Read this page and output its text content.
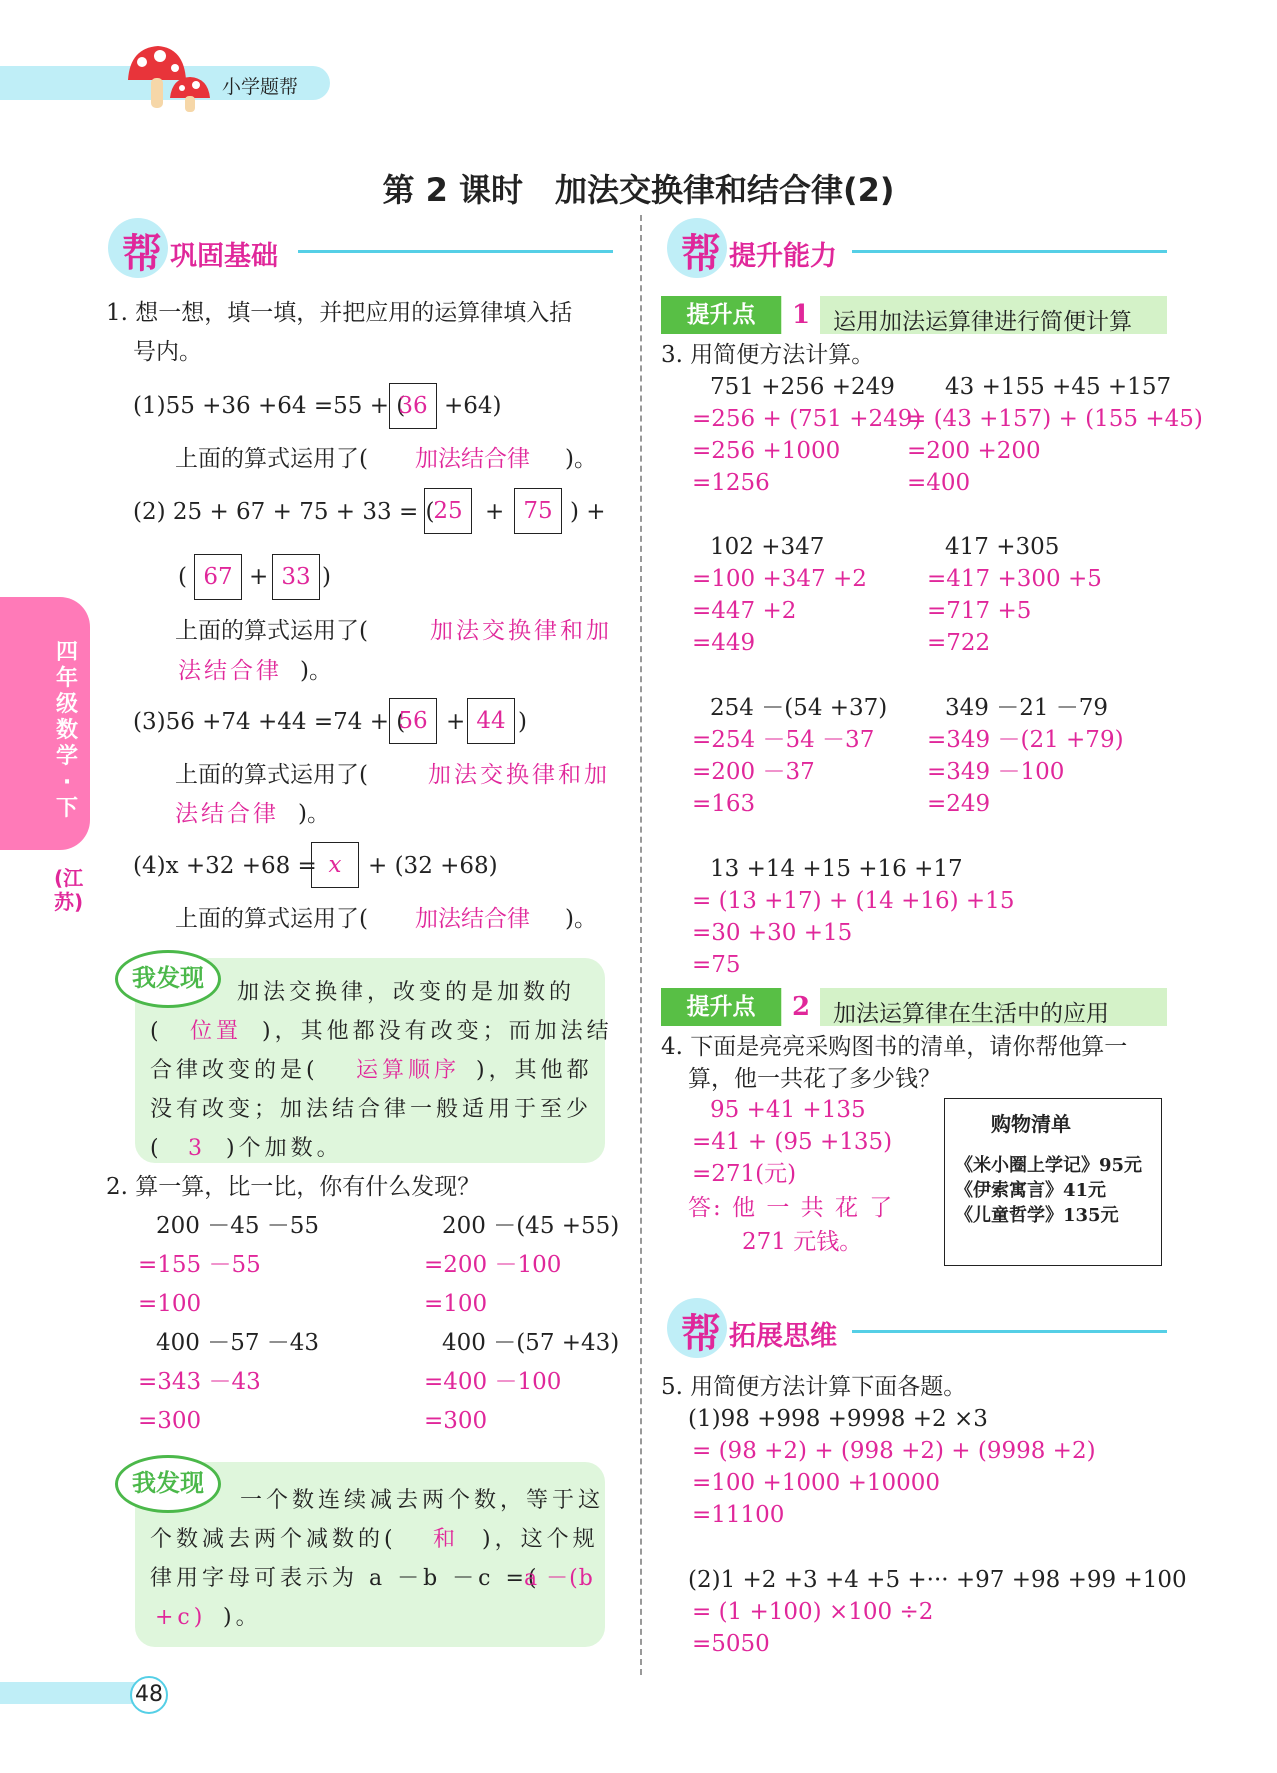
小学题帮
第 2 课时　加法交换律和结合律(2)
四年级数学·下
(江苏)
帮 巩固基础
1. 想一想，填一填，并把应用的运算律填入括
号内。
(1)55 +36 +64 =55 + (
36 +64)
上面的算式运用了( 加法结合律 )。
(2) 25 + 67 + 75 + 33 = (
25 + 75 ) +
( 67 + 33 )
上面的算式运用了(	加法交换律和加
法结合律 )。
(3)56 +74 +44 =74 + (
56 + 44 )
上面的算式运用了(	加法交换律和加
法结合律 )。
(4)x +32 +68 = x	+ (32 +68)
上面的算式运用了( 加法结合律 )。
我发现
加法交换律，改变的是加数的
( 位置 )，其他都没有改变；而加法结
合律改变的是( 运算顺序 )，其他都
没有改变；加法结合律一般适用于至少
( 3 )个加数。
2. 算一算，比一比，你有什么发现？
200 －45 －55
=155 －55
=100
200 －(45 +55)
=200 －100
=100
400 －57 －43
=343 －43
=300
400 －(57 +43)
=400 －100
=300
我发现
一个数连续减去两个数，等于这
个数减去两个减数的( 和 )，这个规
律用字母可表示为 a －b －c =(
a －(b
+c) )。
帮 提升能力
提升点	1 运用加法运算律进行简便计算
3. 用简便方法计算。
751 +256 +249
=256 + (751 +249)
=256 +1000
=1256
43 +155 +45 +157
= (43 +157) + (155 +45)
=200 +200
=400
102 +347
=100 +347 +2
=447 +2
=449
417 +305
=417 +300 +5
=717 +5
=722
254 －(54 +37)
=254 －54 －37
=200 －37
=163
349 －21 －79
=349 －(21 +79)
=349 －100
=249
13 +14 +15 +16 +17
= (13 +17) + (14 +16) +15
=30 +30 +15
=75
提升点	2 加法运算律在生活中的应用
4. 下面是亮亮采购图书的清单，请你帮他算一
算，他一共花了多少钱？
95 +41 +135
=41 + (95 +135)
=271(元)
答: 他 一 共 花 了
271 元钱。
购物清单
《米小圈上学记》95元
《伊索寓言》41元
《儿童哲学》135元
帮 拓展思维
5. 用简便方法计算下面各题。
(1)98 +998 +9998 +2 ×3
= (98 +2) + (998 +2) + (9998 +2)
=100 +1000 +10000
=11100
(2)1 +2 +3 +4 +5 +··· +97 +98 +99 +100
= (1 +100) ×100 ÷2
=5050
48
